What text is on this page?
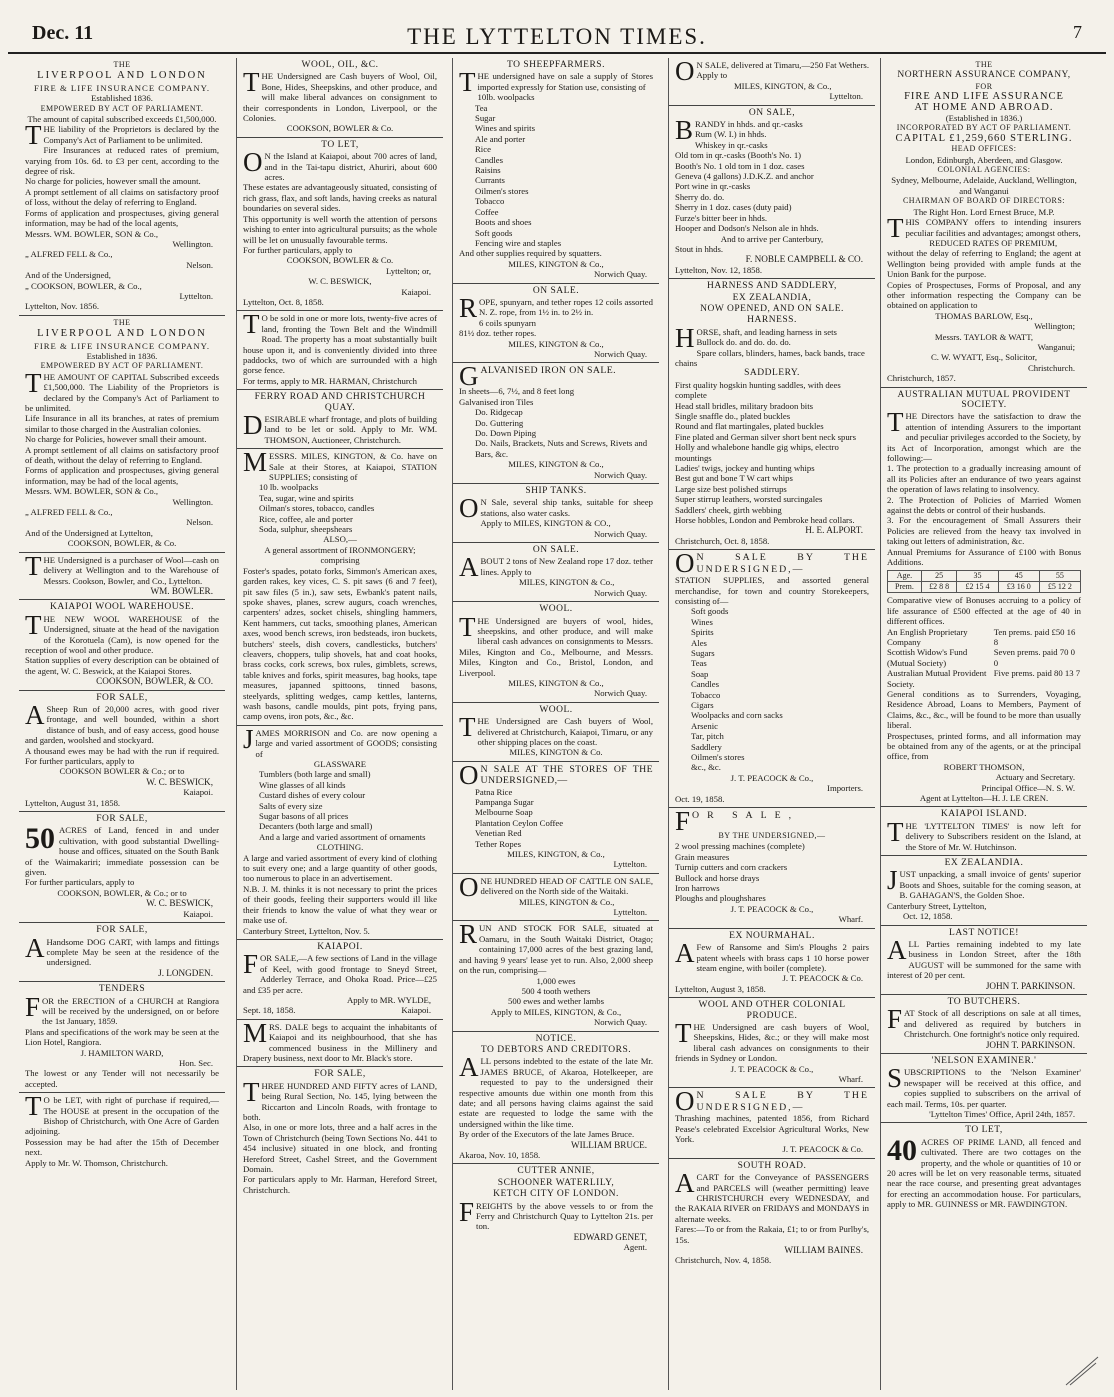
Dec. 11	THE LYTTELTON TIMES.	7
THE
LIVERPOOL AND LONDON
FIRE & LIFE INSURANCE COMPANY.
Established 1836.
EMPOWERED BY ACT OF PARLIAMENT.
The amount of capital subscribed exceeds £1,500,000.

THE liability of the Proprietors is declared by the Company's Act of Parliament to be unlimited.

Fire Insurances at reduced rates of premium, varying from 10s. 6d. to £3 per cent, according to the degree of risk.

No charge for policies, however small the amount.

A prompt settlement of all claims on satisfactory proof of loss, without the delay of referring to England.

Forms of application and prospectuses, giving general information, may be had of the local agents,

Messrs. WM. BOWLER, SON & Co.,
Wellington.
„ ALFRED FELL & Co.,
Nelson.
And of the Undersigned,
„ COOKSON, BOWLER, & Co.,
Lyttelton.
Lyttelton, Nov. 1856.
THE
LIVERPOOL AND LONDON
FIRE & LIFE INSURANCE COMPANY.
Established in 1836.
EMPOWERED BY ACT OF PARLIAMENT.

THE AMOUNT OF CAPITAL Subscribed exceeds £1,500,000. The Liability of the Proprietors is declared by the Company's Act of Parliament to be unlimited.

Life Insurance in all its branches, at rates of premium similar to those charged in the Australian colonies.

No charge for Policies, however small their amount.

A prompt settlement of all claims on satisfactory proof of death, without the delay of referring to England.

Forms of application and prospectuses, giving general information, may be had of the local agents,

Messrs. WM. BOWLER, SON & Co.,
Wellington.
„ ALFRED FELL & Co.,
Nelson.
And of the Undersigned at Lyttelton,
COOKSON, BOWLER, & Co.

THE Undersigned is a purchaser of Wool—cash on delivery at Wellington and to the Warehouse of Messrs. Cookson, Bowler, and Co., Lyttelton.

WM. BOWLER.
KAIAPOI WOOL WAREHOUSE.

THE NEW WOOL WAREHOUSE of the Undersigned, situate at the head of the navigation of the Korotuela (Cam), is now opened for the reception of wool and other produce.

Station supplies of every description can be obtained of the agent, W. C. Beswick, at the Kaiapoi Stores.

COOKSON, BOWLER, & CO.
FOR SALE,

A Sheep Run of 20,000 acres, with good river frontage, and well bounded, within a short distance of bush, and of easy access, good house and garden, woolshed and stockyard.

A thousand ewes may be had with the run if required. For further particulars, apply to

COOKSON BOWLER & Co.; or to
W. C. BESWICK,
Kaiapoi.
Lyttelton, August 31, 1858.
FOR SALE,

50 ACRES of Land, fenced in and under cultivation, with good substantial Dwelling-house and offices, situated on the South Bank of the Waimakariri; immediate possession can be given.

For further particulars, apply to

COOKSON, BOWLER, & Co.; or to
W. C. BESWICK,
Kaiapoi.
FOR SALE,

A Handsome DOG CART, with lamps and fittings complete May be seen at the residence of the undersigned.

J. LONGDEN.
TENDERS

FOR the ERECTION of a CHURCH at Rangiora will be received by the undersigned, on or before the 1st January, 1859.

Plans and specifications of the work may be seen at the Lion Hotel, Rangiora.

J. HAMILTON WARD,
Hon. Sec.

The lowest or any Tender will not necessarily be accepted.

T O be LET, with right of purchase if required,—The HOUSE at present in the occupation of the Bishop of Christchurch, with One Acre of Garden adjoining.

Possession may be had after the 15th of December next.

Apply to Mr. W. Thomson, Christchurch.

WOOL, OIL, &C.

THE Undersigned are Cash buyers of Wool, Oil, Bone, Hides, Sheepskins, and other produce, and will make liberal advances on consignment to their correspondents in London, Liverpool, or the Colonies.

COOKSON, BOWLER & Co.
TO LET,

O N the Island at Kaiapoi, about 700 acres of land, and in the Tai-tapu district, Ahuriri, about 600 acres.

These estates are advantageously situated, consisting of rich grass, flax, and soft lands, having creeks as natural boundaries on several sides.

This opportunity is well worth the attention of persons wishing to enter into agricultural pursuits; as the whole will be let on unusually favourable terms.

For further particulars, apply to

COOKSON, BOWLER & Co.
Lyttelton; or,
W. C. BESWICK,
Kaiapoi.
Lyttelton, Oct. 8, 1858.

T O be sold in one or more lots, twenty-five acres of land, fronting the Town Belt and the Windmill Road. The property has a moat substantially built house upon it, and is conveniently divided into three paddocks, two of which are surrounded with a high gorse fence.

For terms, apply to MR. HARMAN, Christchurch

FERRY ROAD AND CHRISTCHURCH QUAY.

DESIRABLE wharf frontage, and plots of building land to be let or sold. Apply to Mr. WM. THOMSON, Auctioneer, Christchurch.

MESSRS. MILES, KINGTON, & Co. have on Sale at their Stores, at Kaiapoi, STATION SUPPLIES; consisting of

10 lb. woolpacks
Tea, sugar, wine and spirits
Oilman's stores, tobacco, candles
Rice, coffee, ale and porter
Soda, sulphur, sheepshears
ALSO,—
A general assortment of IRONMONGERY;
comprising

Foster's spades, potato forks, Simmon's American axes, garden rakes, key vices, C. S. pit saws (6 and 7 feet), pit saw files (5 in.), saw sets, Ewbank's patent nails, spoke shaves, planes, screw augurs, coach wrenches, carpenters' adzes, socket chisels, shingling hammers, Kent hammers, cut tacks, smoothing planes, American axes, wood bench screws, iron bedsteads, iron buckets, butchers' steels, dish covers, candlesticks, butchers' cleavers, choppers, tulip shovels, hat and coat hooks, brass cocks, cork screws, box rules, gimblets, screws, table knives and forks, spirit measures, bag hooks, tape measures, japanned spittoons, tinned basons, steelyards, splitting wedges, camp kettles, lanterns, wash basons, candle moulds, pint pots, frying pans, camp ovens, iron pots, &c., &c.

JAMES MORRISON and Co. are now opening a large and varied assortment of GOODS; consisting of

GLASSWARE
Tumblers (both large and small)
Wine glasses of all kinds
Custard dishes of every colour
Salts of every size
Sugar basons of all prices
Decanters (both large and small)
And a large and varied assortment of ornaments
CLOTHING.

A large and varied assortment of every kind of clothing to suit every one; and a large quantity of other goods, too numerous to place in an advertisement.

N.B. J. M. thinks it is not necessary to print the prices of their goods, feeling their supporters would ill like their friends to know the value of what they wear or make use of.

Canterbury Street, Lyttelton, Nov. 5.
KAIAPOI.

FOR SALE,—A few sections of Land in the village of Keel, with good frontage to Sneyd Street, Adderley Terrace, and Ohoka Road. Price—£25 and £35 per acre.

Apply to MR. WYLDE,
Sept. 18, 1858.	Kaiapoi.

MRS. DALE begs to acquaint the inhabitants of Kaiapoi and its neighbourhood, that she has commenced business in the Millinery and Drapery business, next door to Mr. Black's store.

FOR SALE,

THREE HUNDRED AND FIFTY acres of LAND, being Rural Section, No. 145, lying between the Riccarton and Lincoln Roads, with frontage to both.

Also, in one or more lots, three and a half acres in the Town of Christchurch (being Town Sections No. 441 to 454 inclusive) situated in one block, and fronting Hereford Street, Cashel Street, and the Government Domain.

For particulars apply to Mr. Harman, Hereford Street, Christchurch.

TO SHEEPFARMERS.

THE undersigned have on sale a supply of Stores imported expressly for Station use, consisting of

10lb. woolpacks
Tea
Sugar
Wines and spirits
Ale and porter
Rice
Candles
Raisins
Currants
Oilmen's stores
Tobacco
Coffee
Boots and shoes
Soft goods
Fencing wire and staples
And other supplies required by squatters.
MILES, KINGTON & Co.,
Norwich Quay.
ON SALE.

ROPE, spunyarn, and tether ropes 12 coils assorted N. Z. rope, from 1½ in. to 2½ in.

6 coils spunyarn
81½ doz. tether ropes.
MILES, KINGTON & Co.,
Norwich Quay.

GALVANISED IRON ON SALE.

In sheets—6, 7½, and 8 feet long
Galvanised iron Tiles
Do. Ridgecap
Do. Guttering
Do. Down Piping
Do. Nails, Brackets, Nuts and Screws, Rivets and Bars, &c.
MILES, KINGTON & Co.,
Norwich Quay.
SHIP TANKS.

O N Sale, several ship tanks, suitable for sheep stations, also water casks.

Apply to MILES, KINGTON & CO.,
Norwich Quay.
ON SALE.

ABOUT 2 tons of New Zealand rope 17 doz. tether lines. Apply to

MILES, KINGTON & Co.,
Norwich Quay.
WOOL.

THE Undersigned are buyers of wool, hides, sheepskins, and other produce, and will make liberal cash advances on consignments to Messrs. Miles, Kington and Co., Melbourne, and Messrs. Miles, Kington and Co., Bristol, London, and Liverpool.

MILES, KINGTON & Co.,
Norwich Quay.
WOOL.

THE Undersigned are Cash buyers of Wool, delivered at Christchurch, Kaiapoi, Timaru, or any other shipping places on the coast.

MILES, KINGTON & Co.

O N SALE AT THE STORES OF THE UNDERSIGNED,—

Patna Rice
Pampanga Sugar
Melbourne Soap
Plantation Ceylon Coffee
Venetian Red
Tether Ropes
MILES, KINGTON, & Co.,
Lyttelton.

ONE HUNDRED HEAD OF CATTLE ON SALE, delivered on the North side of the Waitaki.

MILES, KINGTON & Co.,
Lyttelton.

RUN AND STOCK FOR SALE, situated at Oamaru, in the South Waitaki District, Otago; containing 17,000 acres of the best grazing land, and having 9 years' lease yet to run. Also, 2,000 sheep on the run, comprising—

1,000 ewes
500 4 tooth wethers
500 ewes and wether lambs
Apply to MILES, KINGTON, & Co.,
Norwich Quay.
NOTICE.
TO DEBTORS AND CREDITORS.

ALL persons indebted to the estate of the late Mr. JAMES BRUCE, of Akaroa, Hotelkeeper, are requested to pay to the undersigned their respective amounts due within one month from this date; and all persons having claims against the said estate are requested to lodge the same with the undersigned within the like time.

By order of the Executors of the late James Bruce.

WILLIAM BRUCE.
Akaroa, Nov. 10, 1858.
CUTTER ANNIE,
SCHOONER WATERLILY,
KETCH CITY OF LONDON.

FREIGHTS by the above vessels to or from the Ferry and Christchurch Quay to Lyttelton 21s. per ton.

EDWARD GENET,
Agent.

O N SALE, delivered at Timaru,—250 Fat Wethers. Apply to

MILES, KINGTON, & Co.,
Lyttelton.
ON SALE,

BRANDY in hhds. and qr.-casks

Rum (W. I.) in hhds.
Whiskey in qr.-casks
Old tom in qr.-casks (Booth's No. 1)
Booth's No. 1 old tom in 1 doz. cases
Geneva (4 gallons) J.D.K.Z. and anchor
Port wine in qr.-casks
Sherry do. do.
Sherry in 1 doz. cases (duty paid)
Furze's bitter beer in hhds.
Hooper and Dodson's Nelson ale in hhds.
And to arrive per Canterbury,
Stout in hhds.
F. NOBLE CAMPBELL & CO.
Lyttelton, Nov. 12, 1858.
HARNESS AND SADDLERY,
EX ZEALANDIA,
NOW OPENED, AND ON SALE.
HARNESS.

HORSE, shaft, and leading harness in sets

Bullock do. and do. do. do.
Spare collars, blinders, hames, back bands, trace chains
SADDLERY.
First quality hogskin hunting saddles, with dees complete
Head stall bridles, military bradoon bits
Single snaffle do., plated buckles
Round and flat martingales, plated buckles
Fine plated and German silver short bent neck spurs
Holly and whalebone handle gig whips, electro mountings
Ladies' twigs, jockey and hunting whips
Best gut and bone T W cart whips
Large size best polished stirrups
Super stirrup leathers, worsted surcingales
Saddlers' cheek, girth webbing
Horse hobbles, London and Pembroke head collars.
H. E. ALPORT.
Christchurch, Oct. 8, 1858.

O N SALE BY THE UNDERSIGNED,—

STATION SUPPLIES, and assorted general merchandise, for town and country Storekeepers, consisting of—

Soft goods
Wines
Spirits
Ales
Sugars
Teas
Soap
Candles
Tobacco
Cigars
Woolpacks and corn sacks
Arsenic
Tar, pitch
Saddlery
Oilmen's stores
&c., &c.
J. T. PEACOCK & Co.,
Importers.
Oct. 19, 1858.

FOR SALE,

BY THE UNDERSIGNED,—
2 wool pressing machines (complete)
Grain measures
Turnip cutters and corn crackers
Bullock and horse drays
Iron harrows
Ploughs and ploughshares
J. T. PEACOCK & Co.,
Wharf.
EX NOURMAHAL.

A Few of Ransome and Sim's Ploughs 2 pairs patent wheels with brass caps 1 10 horse power steam engine, with boiler (complete).

J. T. PEACOCK & Co.
Lyttelton, August 3, 1858.
WOOL AND OTHER COLONIAL PRODUCE.

THE Undersigned are cash buyers of Wool, Sheepskins, Hides, &c.; or they will make most liberal cash advances on consignments to their friends in Sydney or London.

J. T. PEACOCK & Co.,
Wharf.

O N SALE BY THE UNDERSIGNED,—

Thrashing machines, patented 1856, from Richard Pease's celebrated Excelsior Agricultural Works, New York.

J. T. PEACOCK & Co.
SOUTH ROAD.

A CART for the Conveyance of PASSENGERS and PARCELS will (weather permitting) leave CHRISTCHURCH every WEDNESDAY, and the RAKAIA RIVER on FRIDAYS and MONDAYS in alternate weeks.

Fares:—To or from the Rakaia, £1; to or from Purlby's, 15s.

WILLIAM BAINES.
Christchurch, Nov. 4, 1858.
THE
NORTHERN ASSURANCE COMPANY,
FOR
FIRE AND LIFE ASSURANCE
AT HOME AND ABROAD.
(Established in 1836.)
INCORPORATED BY ACT OF PARLIAMENT.
CAPITAL £1,259,660 STERLING.
HEAD OFFICES:
London, Edinburgh, Aberdeen, and Glasgow.
COLONIAL AGENCIES:
Sydney, Melbourne, Adelaide, Auckland, Wellington, and Wanganui
CHAIRMAN OF BOARD OF DIRECTORS:
The Right Hon. Lord Ernest Bruce, M.P.

THIS COMPANY offers to intending insurers peculiar facilities and advantages; amongst others,

REDUCED RATES OF PREMIUM,

without the delay of referring to England; the agent at Wellington being provided with ample funds at the Union Bank for the purpose.

Copies of Prospectuses, Forms of Proposal, and any other information respecting the Company can be obtained on application to

THOMAS BARLOW, Esq.,
Wellington;
Messrs. TAYLOR & WATT,
Wanganui;
C. W. WYATT, Esq., Solicitor,
Christchurch.
Christchurch, 1857.
AUSTRALIAN MUTUAL PROVIDENT SOCIETY.

THE Directors have the satisfaction to draw the attention of intending Assurers to the important and peculiar privileges accorded to the Society, by its Act of Incorporation, amongst which are the following:—

1. The protection to a gradually increasing amount of all its Policies after an endurance of two years against the operation of laws relating to insolvency.

2. The Protection of Policies of Married Women against the debts or control of their husbands.

3. For the encouragement of Small Assurers their Policies are relieved from the heavy tax involved in taking out letters of administration, &c.

Annual Premiums for Assurance of £100 with Bonus Additions.

Age.	25	35	45	55
Prem.	£2 8 8	£2 15 4	£3 16 0	£5 12 2

Comparative view of Bonuses accruing to a policy of life assurance of £500 effected at the age of 40 in different offices.

An English Proprietary Company
Ten prems. paid £50 16 8
Scottish Widow's Fund (Mutual Society)
Seven prems. paid 70 0 0
Australian Mutual Provident Society.
Five prems. paid 80 13 7

General conditions as to Surrenders, Voyaging, Residence Abroad, Loans to Members, Payment of Claims, &c., &c., will be found to be more than usually liberal.

Prospectuses, printed forms, and all information may be obtained from any of the agents, or at the principal office, from

ROBERT THOMSON,
Actuary and Secretary.
Principal Office—N. S. W.
Agent at Lyttelton—H. J. LE CREN.
KAIAPOI ISLAND.

THE 'LYTTELTON TIMES' is now left for delivery to Subscribers resident on the Island, at the Store of Mr. W. Hutchinson.

EX ZEALANDIA.

JUST unpacking, a small invoice of gents' superior Boots and Shoes, suitable for the coming season, at B. GAHAGAN'S, the Golden Shoe.

Canterbury Street, Lyttelton,
Oct. 12, 1858.
LAST NOTICE!

ALL Parties remaining indebted to my late business in London Street, after the 18th AUGUST will be summoned for the same with interest of 20 per cent.

JOHN T. PARKINSON.
TO BUTCHERS.

FAT Stock of all descriptions on sale at all times, and delivered as required by butchers in Christchurch. One fortnight's notice only required.

JOHN T. PARKINSON.
'NELSON EXAMINER.'

SUBSCRIPTIONS to the 'Nelson Examiner' newspaper will be received at this office, and copies supplied to subscribers on the arrival of each mail. Terms, 10s. per quarter.

'Lyttelton Times' Office, April 24th, 1857.
TO LET,

40 ACRES OF PRIME LAND, all fenced and cultivated. There are two cottages on the property, and the whole or quantities of 10 or 20 acres will be let on very reasonable terms, situated near the race course, and presenting great advantages for erecting an accommodation house. For particulars, apply to MR. GUINNESS or MR. FAWDINGTON.
